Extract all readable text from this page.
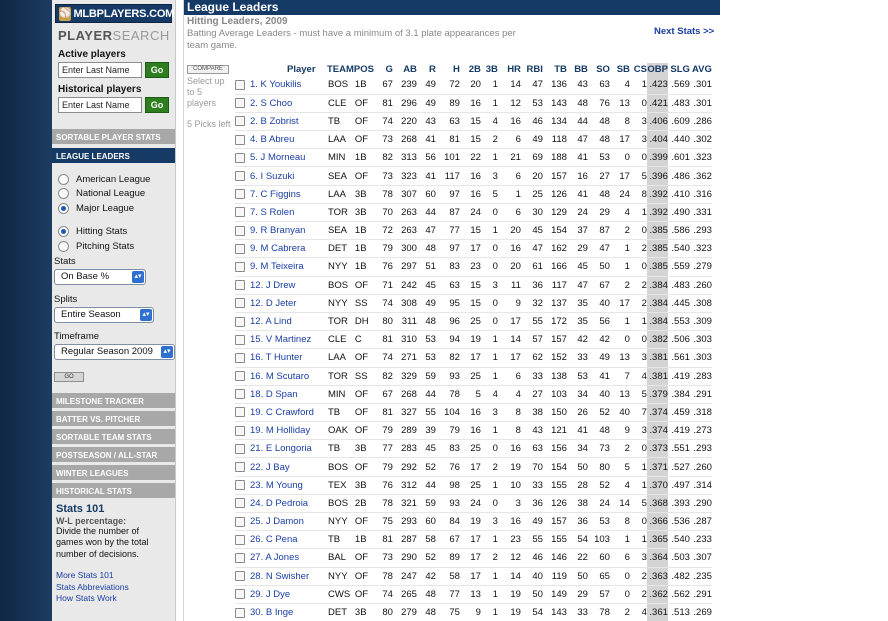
⚾ MLBPLAYERS.COM
PLAYERSEARCH
Active players
Enter Last Name	Go
Historical players
Enter Last Name	Go
SORTABLE PLAYER STATS
LEAGUE LEADERS
American League
National League
Major League
Hitting Stats
Pitching Stats
Stats
On Base %	▴▾
Splits
Entire Season	▴▾
Timeframe
Regular Season 2009	▴▾
GO
MILESTONE TRACKER
BATTER VS. PITCHER
SORTABLE TEAM STATS
POSTSEASON / ALL-STAR
WINTER LEAGUES
HISTORICAL STATS
Stats 101
W-L percentage:
Divide the number of games won by the total number of decisions.
More Stats 101
Stats Abbreviations
How Stats Work
League Leaders
Hitting Leaders, 2009
Batting Average Leaders - must have a minimum of 3.1 plate appearances per team game.
Next Stats >>
COMPARE
Select up to 5 players
5 Picks left
	Player	TEAM	POS	G	AB	R	H	2B	3B	HR	RBI	TB	BB	SO	SB	CS	OBP	SLG	AVG
	1. K Youkilis	BOS	1B	67	239	49	72	20	1	14	47	136	43	63	4	1	.423	.569	.301
	2. S Choo	CLE	OF	81	296	49	89	16	1	12	53	143	48	76	13	0	.421	.483	.301
	2. B Zobrist	TB	OF	74	220	43	63	15	4	16	46	134	44	48	8	3	.406	.609	.286
	4. B Abreu	LAA	OF	73	268	41	81	15	2	6	49	118	47	48	17	3	.404	.440	.302
	5. J Morneau	MIN	1B	82	313	56	101	22	1	21	69	188	41	53	0	0	.399	.601	.323
	6. I Suzuki	SEA	OF	73	323	41	117	16	3	6	20	157	16	27	17	5	.396	.486	.362
	7. C Figgins	LAA	3B	78	307	60	97	16	5	1	25	126	41	48	24	8	.392	.410	.316
	7. S Rolen	TOR	3B	70	263	44	87	24	0	6	30	129	24	29	4	1	.392	.490	.331
	9. R Branyan	SEA	1B	72	263	47	77	15	1	20	45	154	37	87	2	0	.385	.586	.293
	9. M Cabrera	DET	1B	79	300	48	97	17	0	16	47	162	29	47	1	2	.385	.540	.323
	9. M Teixeira	NYY	1B	76	297	51	83	23	0	20	61	166	45	50	1	0	.385	.559	.279
	12. J Drew	BOS	OF	71	242	45	63	15	3	11	36	117	47	67	2	2	.384	.483	.260
	12. D Jeter	NYY	SS	74	308	49	95	15	0	9	32	137	35	40	17	2	.384	.445	.308
	12. A Lind	TOR	DH	80	311	48	96	25	0	17	55	172	35	56	1	1	.384	.553	.309
	15. V Martinez	CLE	C	81	310	53	94	19	1	14	57	157	42	42	0	0	.382	.506	.303
	16. T Hunter	LAA	OF	74	271	53	82	17	1	17	62	152	33	49	13	3	.381	.561	.303
	16. M Scutaro	TOR	SS	82	329	59	93	25	1	6	33	138	53	41	7	4	.381	.419	.283
	18. D Span	MIN	OF	67	268	44	78	5	4	4	27	103	34	40	13	5	.379	.384	.291
	19. C Crawford	TB	OF	81	327	55	104	16	3	8	38	150	26	52	40	7	.374	.459	.318
	19. M Holliday	OAK	OF	79	289	39	79	16	1	8	43	121	41	48	9	3	.374	.419	.273
	21. E Longoria	TB	3B	77	283	45	83	25	0	16	63	156	34	73	2	0	.373	.551	.293
	22. J Bay	BOS	OF	79	292	52	76	17	2	19	70	154	50	80	5	1	.371	.527	.260
	23. M Young	TEX	3B	76	312	44	98	25	1	10	33	155	28	52	4	1	.370	.497	.314
	24. D Pedroia	BOS	2B	78	321	59	93	24	0	3	36	126	38	24	14	5	.368	.393	.290
	25. J Damon	NYY	OF	75	293	60	84	19	3	16	49	157	36	53	8	0	.366	.536	.287
	26. C Pena	TB	1B	81	287	58	67	17	1	23	55	155	54	103	1	1	.365	.540	.233
	27. A Jones	BAL	OF	73	290	52	89	17	2	12	46	146	22	60	6	3	.364	.503	.307
	28. N Swisher	NYY	OF	78	247	42	58	17	1	14	40	119	50	65	0	2	.363	.482	.235
	29. J Dye	CWS	OF	74	265	48	77	13	1	19	50	149	29	57	0	2	.362	.562	.291
	30. B Inge	DET	3B	80	279	48	75	9	1	19	54	143	33	78	2	4	.361	.513	.269
